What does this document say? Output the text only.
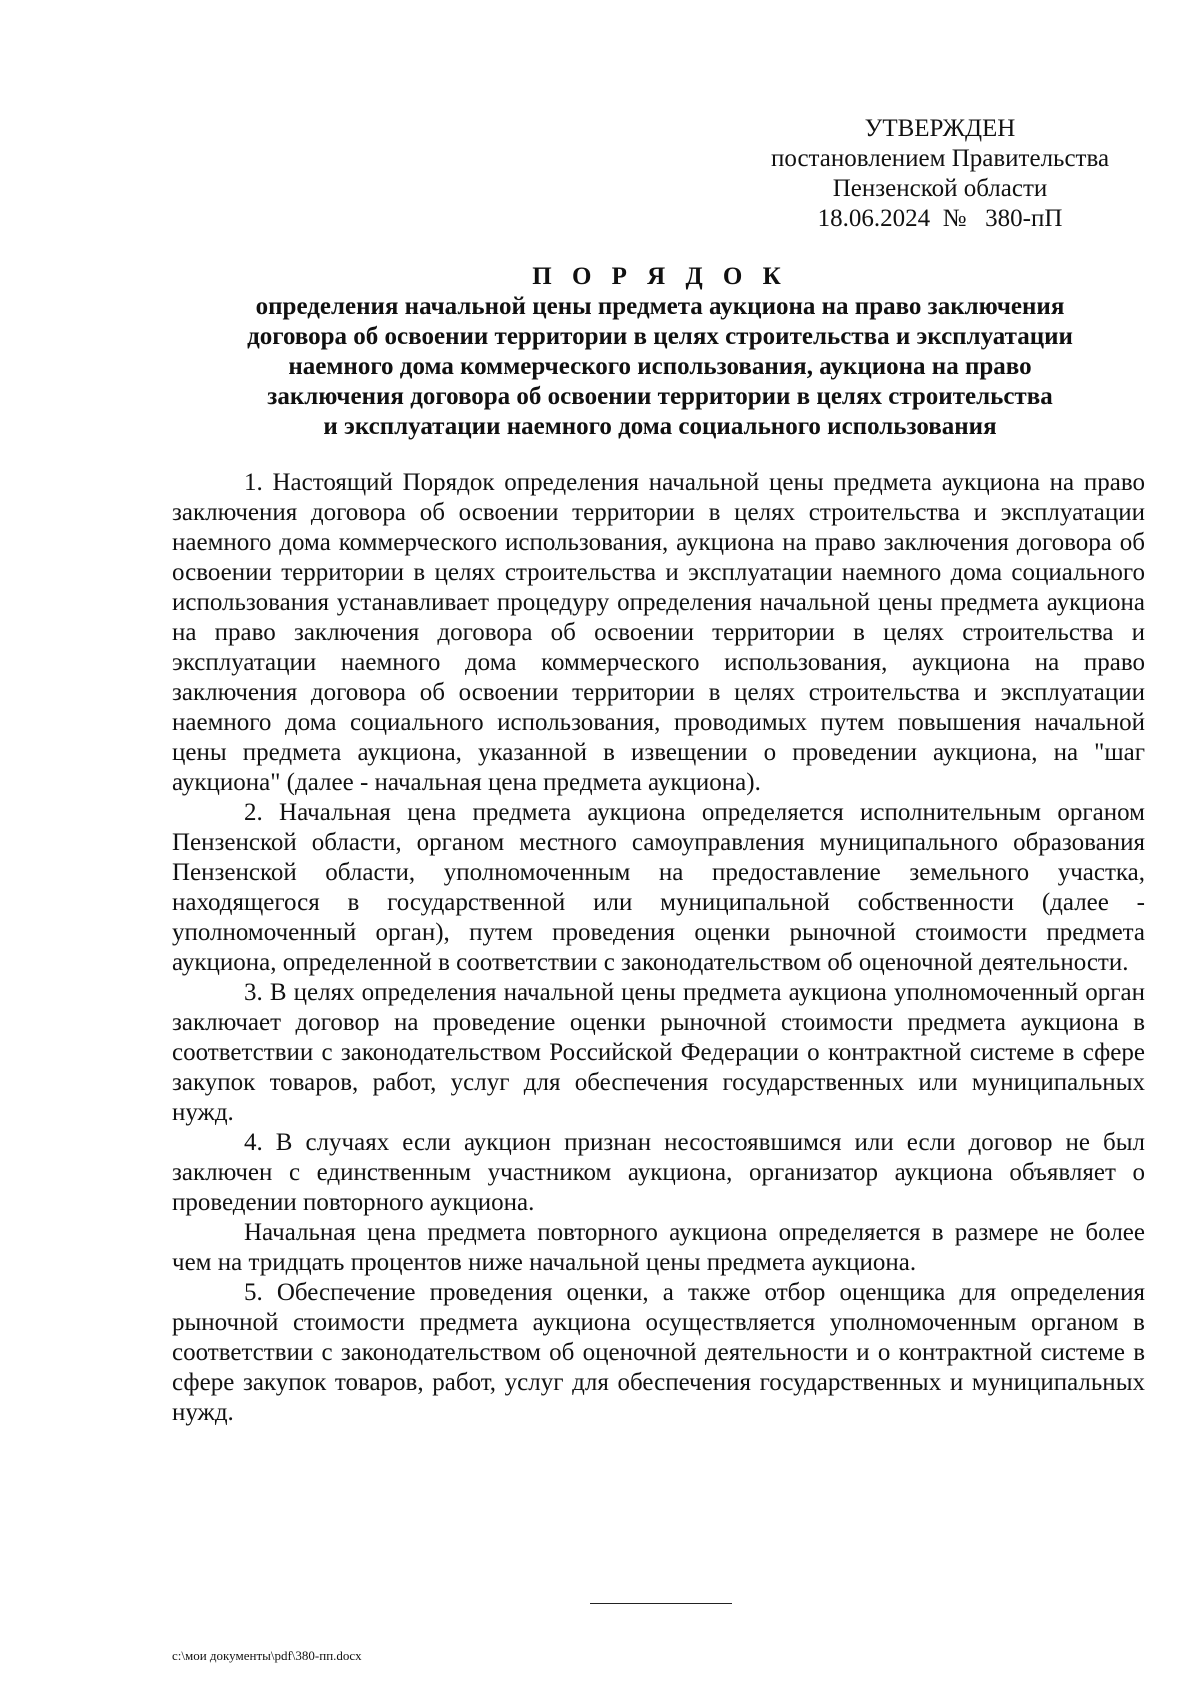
УТВЕРЖДЕН
постановлением Правительства
Пензенской области
18.06.2024  №   380-пП
П О Р Я Д О К
определения начальной цены предмета аукциона на право заключения
договора об освоении территории в целях строительства и эксплуатации
наемного дома коммерческого использования, аукциона на право
заключения договора об освоении территории в целях строительства
и эксплуатации наемного дома социального использования

1. Настоящий Порядок определения начальной цены предмета аукциона на право заключения договора об освоении территории в целях строительства и эксплуатации наемного дома коммерческого использования, аукциона на право заключения договора об освоении территории в целях строительства и эксплуатации наемного дома социального использования устанавливает процедуру определения начальной цены предмета аукциона на право заключения договора об освоении территории в целях строительства и эксплуатации наемного дома коммерческого использования, аукциона на право заключения договора об освоении территории в целях строительства и эксплуатации наемного дома социального использования, проводимых путем повышения начальной цены предмета аукциона, указанной в извещении о проведении аукциона, на "шаг аукциона" (далее - начальная цена предмета аукциона).

2. Начальная цена предмета аукциона определяется исполнительным органом Пензенской области, органом местного самоуправления муниципального образования Пензенской области, уполномоченным на предоставление земельного участка, находящегося в государственной или муниципальной собственности (далее - уполномоченный орган), путем проведения оценки рыночной стоимости предмета аукциона, определенной в соответствии с законодательством об оценочной деятельности.

3. В целях определения начальной цены предмета аукциона уполномоченный орган заключает договор на проведение оценки рыночной стоимости предмета аукциона в соответствии с законодательством Российской Федерации о контрактной системе в сфере закупок товаров, работ, услуг для обеспечения государственных или муниципальных нужд.

4. В случаях если аукцион признан несостоявшимся или если договор не был заключен с единственным участником аукциона, организатор аукциона объявляет о проведении повторного аукциона.

Начальная цена предмета повторного аукциона определяется в размере не более чем на тридцать процентов ниже начальной цены предмета аукциона.

5. Обеспечение проведения оценки, а также отбор оценщика для определения рыночной стоимости предмета аукциона осуществляется уполномоченным органом в соответствии с законодательством об оценочной деятельности и о контрактной системе в сфере закупок товаров, работ, услуг для обеспечения государственных и муниципальных нужд.

c:\мои документы\pdf\380-пп.docx
